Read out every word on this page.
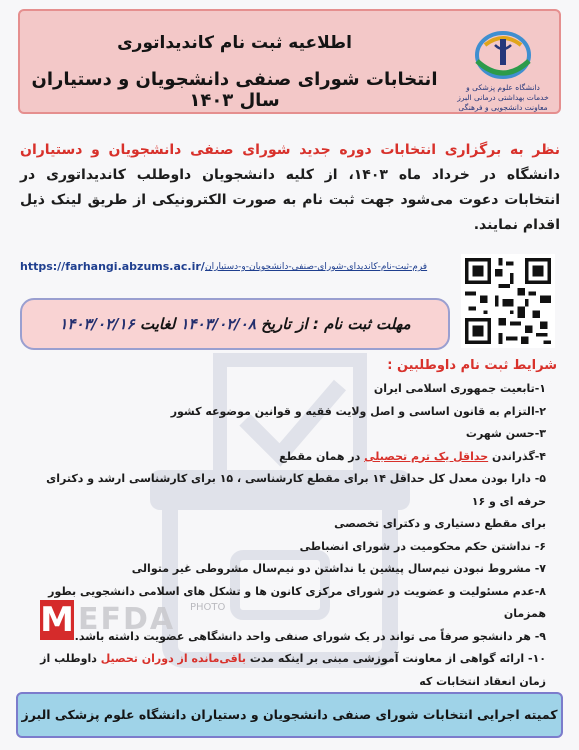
دانشگاه علوم پزشکی و خدمات بهداشتی درمانی البرز
معاونت دانشجویی و فرهنگی
اطلاعیه ثبت نام کاندیداتوری
انتخابات شورای صنفی دانشجویان و دستیاران سال ۱۴۰۳
نظر به برگزاری انتخابات دوره جدید شورای صنفی دانشجویان و دستیاران دانشگاه در خرداد ماه ۱۴۰۳، از کلیه دانشجویان داوطلب کاندیداتوری در انتخابات دعوت می‌شود جهت ثبت نام به صورت الکترونیکی از طریق لینک ذیل اقدام نمایند.
https://farhangi.abzums.ac.ir/ فرم-ثبت-نام-کاندیدای-شورای-صنفی-دانشجویان-و-دستیاران
مهلت ثبت نام : از تاریخ ۱۴۰۳/۰۲/۰۸ لغایت ۱۴۰۳/۰۲/۱۶
شرایط ثبت نام داوطلبین :

۱-تابعیت جمهوری اسلامی ایران

۲-التزام به قانون اساسی و اصل ولایت فقیه و قوانین موضوعه کشور

۳-حسن شهرت

۴-گذراندن حداقل یک ترم تحصیلی در همان مقطع

۵- دارا بودن معدل کل حداقل ۱۴ برای مقطع کارشناسی ، ۱۵ برای کارشناسی ارشد و دکترای حرفه ای و ۱۶

برای مقطع دستیاری و دکترای تخصصی

۶- نداشتن حکم محکومیت در شورای انضباطی

۷- مشروط نبودن نیم‌سال پیشین یا نداشتن دو نیم‌سال مشروطی غیر متوالی

۸-عدم مسئولیت و عضویت در شورای مرکزی کانون ها و تشکل های اسلامی دانشجویی بطور همزمان

۹- هر دانشجو صرفاً می تواند در یک شورای صنفی واحد دانشگاهی عضویت داشته باشد.

۱۰- ارائه گواهی از معاونت آموزشی مبنی بر اینکه مدت باقی‌مانده از دوران تحصیل داوطلب از زمان انعقاد انتخابات که

M EFDA PHOTO
کمیته اجرایی انتخابات شورای صنفی دانشجویان و دستیاران دانشگاه علوم پزشکی البرز
